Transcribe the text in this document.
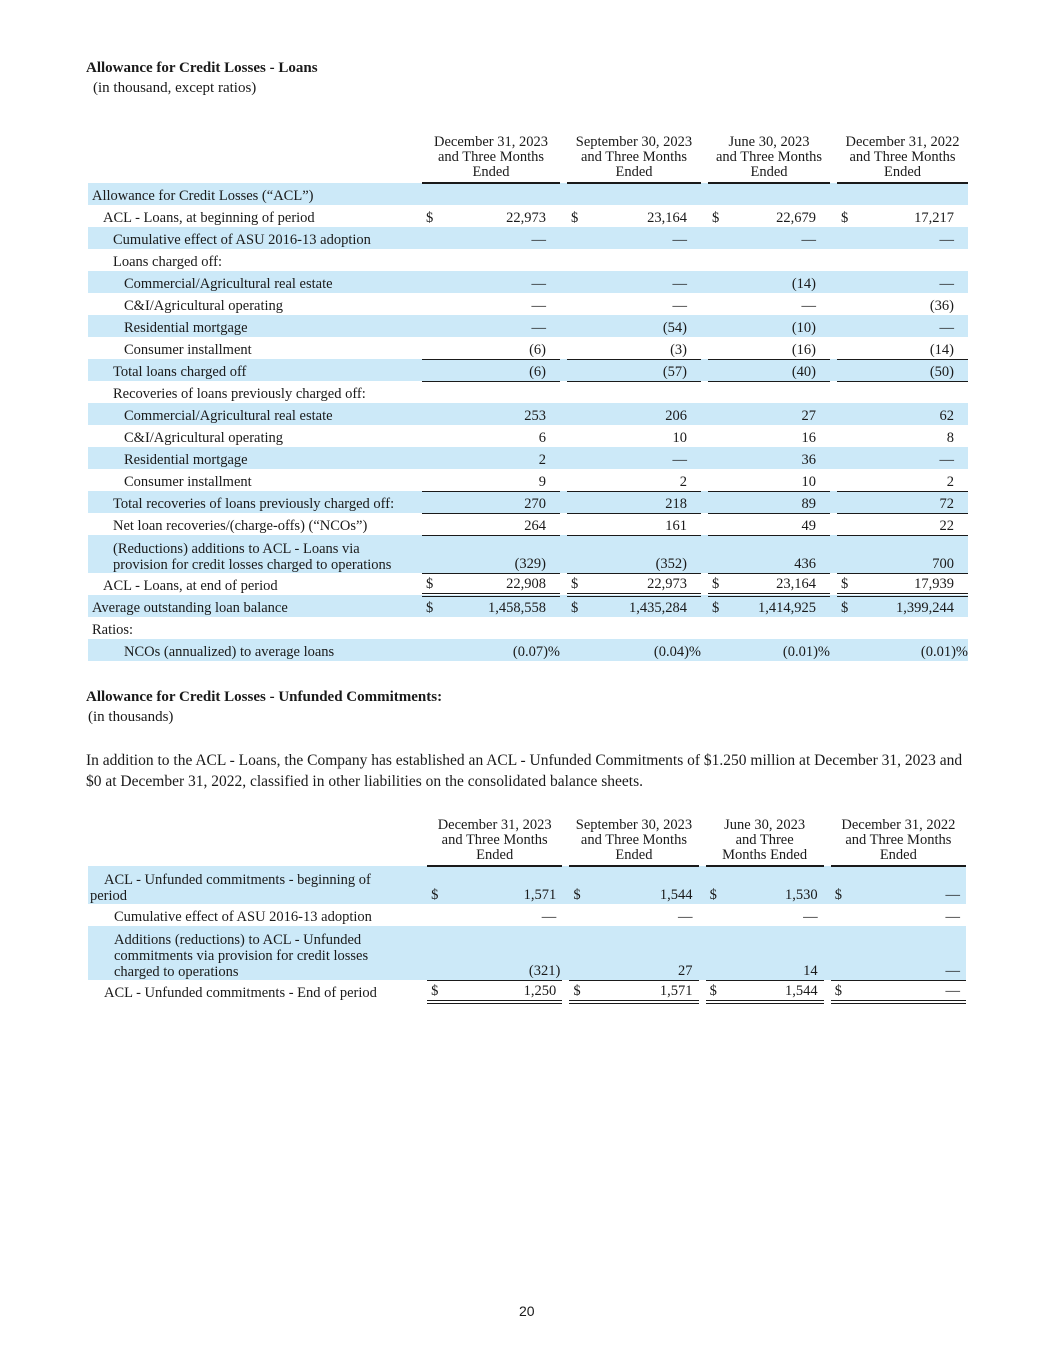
Allowance for Credit Losses - Loans
(in thousand, except ratios)

December 31, 2023
and Three Months
Ended

September 30, 2023
and Three Months
Ended

June 30, 2023
and Three Months
Ended

December 31, 2022
and Three Months
Ended

Allowance for Credit Losses (“ACL”)							
ACL - Loans, at beginning of period	$ 22,973		$ 23,164		$ 22,679		$ 17,217
Cumulative effect of ASU 2016-13 adoption	—		—		—		—
Loans charged off:							
Commercial/Agricultural real estate	—		—		(14)		—
C&I/Agricultural operating	—		—		—		(36)
Residential mortgage	—		(54)		(10)		—
Consumer installment	(6)		(3)		(16)		(14)
Total loans charged off	(6)		(57)		(40)		(50)
Recoveries of loans previously charged off:							
Commercial/Agricultural real estate	253		206		27		62
C&I/Agricultural operating	6		10		16		8
Residential mortgage	2		—		36		—
Consumer installment	9		2		10		2
Total recoveries of loans previously charged off:	270		218		89		72
Net loan recoveries/(charge-offs) (“NCOs”)	264		161		49		22

(Reductions) additions to ACL - Loans via
provision for credit losses charged to operations	(329)		(352)		436		700
ACL - Loans, at end of period	$ 22,908		$ 22,973		$ 23,164		$ 17,939
Average outstanding loan balance	$ 1,458,558		$ 1,435,284		$ 1,414,925		$ 1,399,244
Ratios:							
NCOs (annualized) to average loans	(0.07)%		(0.04)%		(0.01)%		(0.01)%
Allowance for Credit Losses - Unfunded Commitments:
(in thousands)
In addition to the ACL - Loans, the Company has established an ACL - Unfunded Commitments of $1.250 million at December 31, 2023 and $0 at December 31, 2022, classified in other liabilities on the consolidated balance sheets.

December 31, 2023
and Three Months
Ended

September 30, 2023
and Three Months
Ended

June 30, 2023
and Three
Months Ended

December 31, 2022
and Three Months
Ended

ACL - Unfunded commitments - beginning of
period	$	1,571		$	1,544		$	1,530		$	—
Cumulative effect of ASU 2016-13 adoption	—		—		—		—

Additions (reductions) to ACL - Unfunded
commitments via provision for credit losses
charged to operations	(321)		27		14		—
ACL - Unfunded commitments - End of period	$ 1,250		$ 1,571		$ 1,544		$ —
20
